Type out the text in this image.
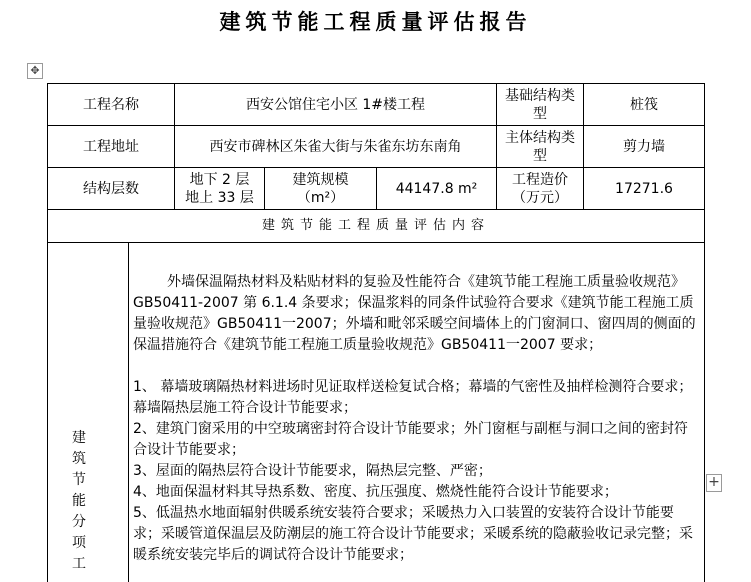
建筑节能工程质量评估报告
✥
工程名称	西安公馆住宅小区 1#楼工程
基础结构类型
桩筏
工程地址	西安市碑林区朱雀大街与朱雀东坊东南角
主体结构类型
剪力墙
结构层数
地下 2 层
地上 33 层
建筑规模（m²）
44147.8 m²
工程造价（万元）
17271.6
建筑节能工程质量评估内容
建筑节能分项工

外墙保温隔热材料及粘贴材料的复验及性能符合《建筑节能工程施工质量验收规范》GB50411-2007 第 6.1.4 条要求；保温浆料的同条件试验符合要求《建筑节能工程施工质量验收规范》GB50411一2007；外墙和毗邻采暖空间墙体上的门窗洞口、窗四周的侧面的保温措施符合《建筑节能工程施工质量验收规范》GB50411一2007 要求；

1、 幕墙玻璃隔热材料进场时见证取样送检复试合格；幕墙的气密性及抽样检测符合要求；幕墙隔热层施工符合设计节能要求；

2、建筑门窗采用的中空玻璃密封符合设计节能要求；外门窗框与副框与洞口之间的密封符合设计节能要求；

3、屋面的隔热层符合设计节能要求，隔热层完整、严密；

4、地面保温材料其导热系数、密度、抗压强度、燃烧性能符合设计节能要求；

5、低温热水地面辐射供暖系统安装符合要求；采暖热力入口装置的安装符合设计节能要求；采暖管道保温层及防潮层的施工符合设计节能要求；采暖系统的隐蔽验收记录完整；采暖系统安装完毕后的调试符合设计节能要求；

+
